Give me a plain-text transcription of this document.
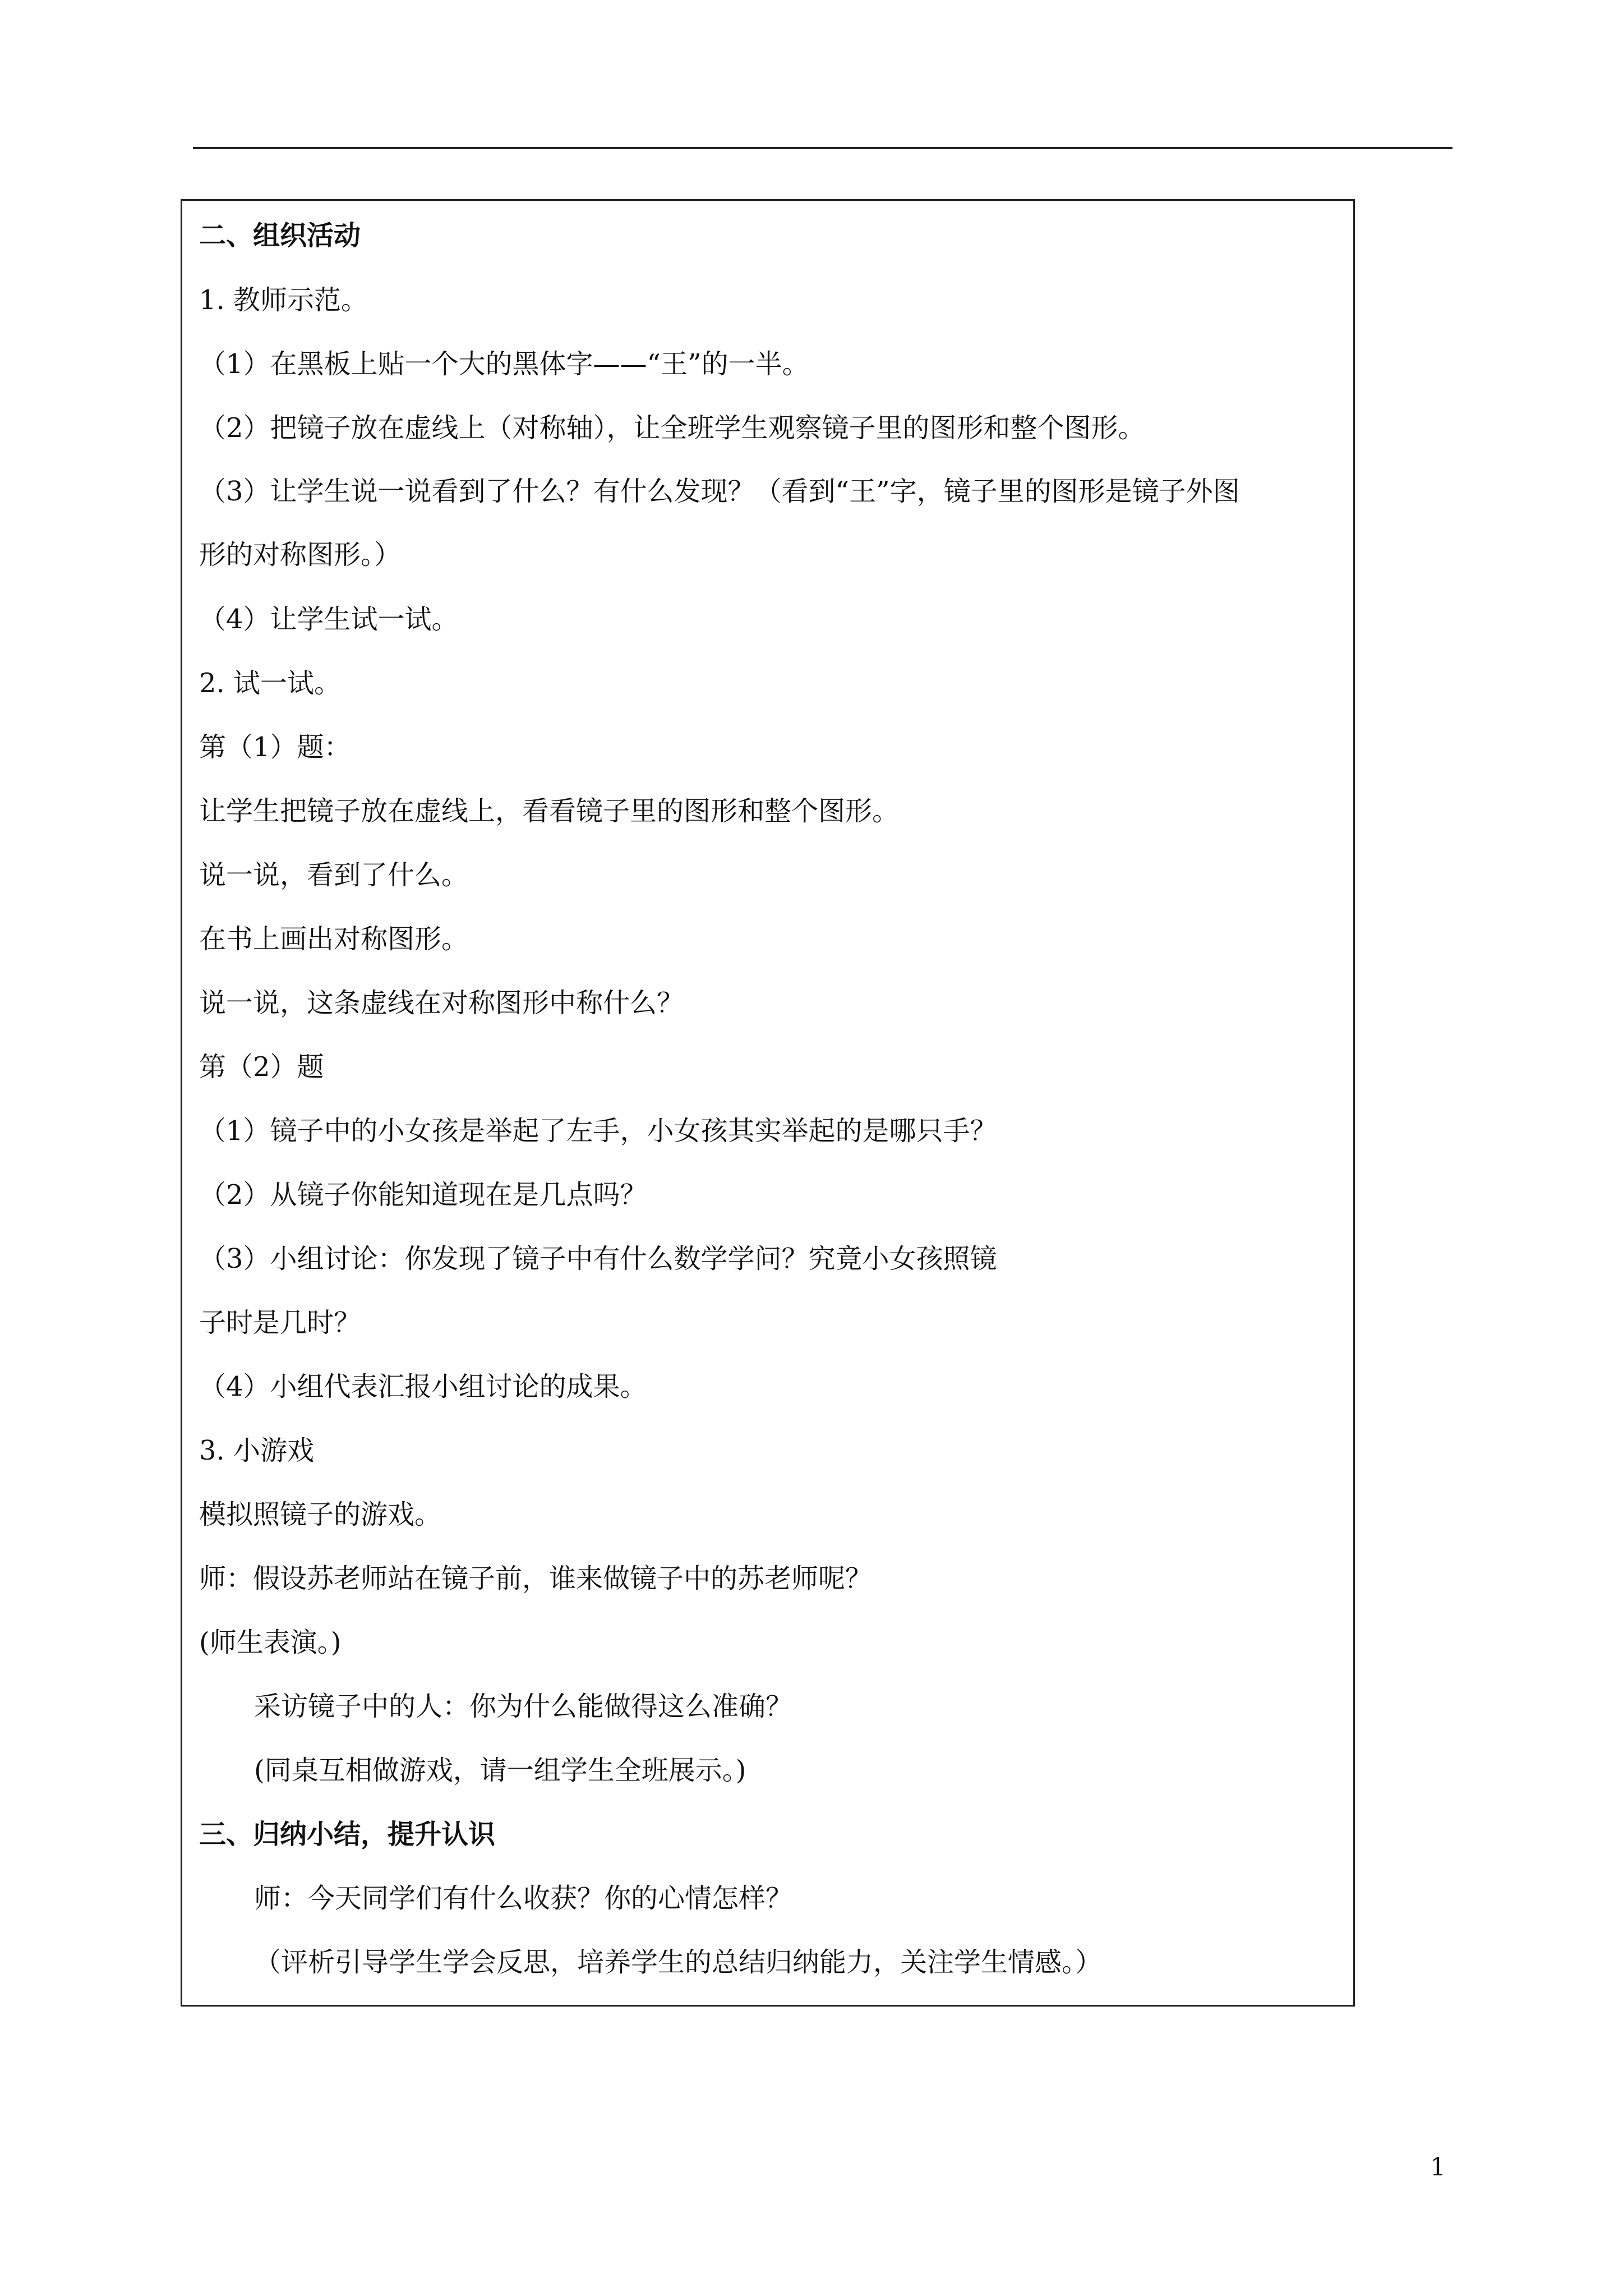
二、组织活动

1. 教师示范。

（1）在黑板上贴一个大的黑体字——“王”的一半。

（2）把镜子放在虚线上（对称轴），让全班学生观察镜子里的图形和整个图形。

（3）让学生说一说看到了什么？有什么发现？（看到“王”字，镜子里的图形是镜子外图

形的对称图形。）

（4）让学生试一试。

2. 试一试。

第（1）题：

让学生把镜子放在虚线上，看看镜子里的图形和整个图形。

说一说，看到了什么。

在书上画出对称图形。

说一说，这条虚线在对称图形中称什么？

第（2）题

（1）镜子中的小女孩是举起了左手，小女孩其实举起的是哪只手？

（2）从镜子你能知道现在是几点吗？

（3）小组讨论：你发现了镜子中有什么数学学问？究竟小女孩照镜

子时是几时？

（4）小组代表汇报小组讨论的成果。

3. 小游戏

模拟照镜子的游戏。

师：假设苏老师站在镜子前，谁来做镜子中的苏老师呢？

(师生表演。)

采访镜子中的人：你为什么能做得这么准确？

(同桌互相做游戏，请一组学生全班展示。)

三、归纳小结，提升认识

师：今天同学们有什么收获？你的心情怎样？

（评析引导学生学会反思，培养学生的总结归纳能力，关注学生情感。）

1
